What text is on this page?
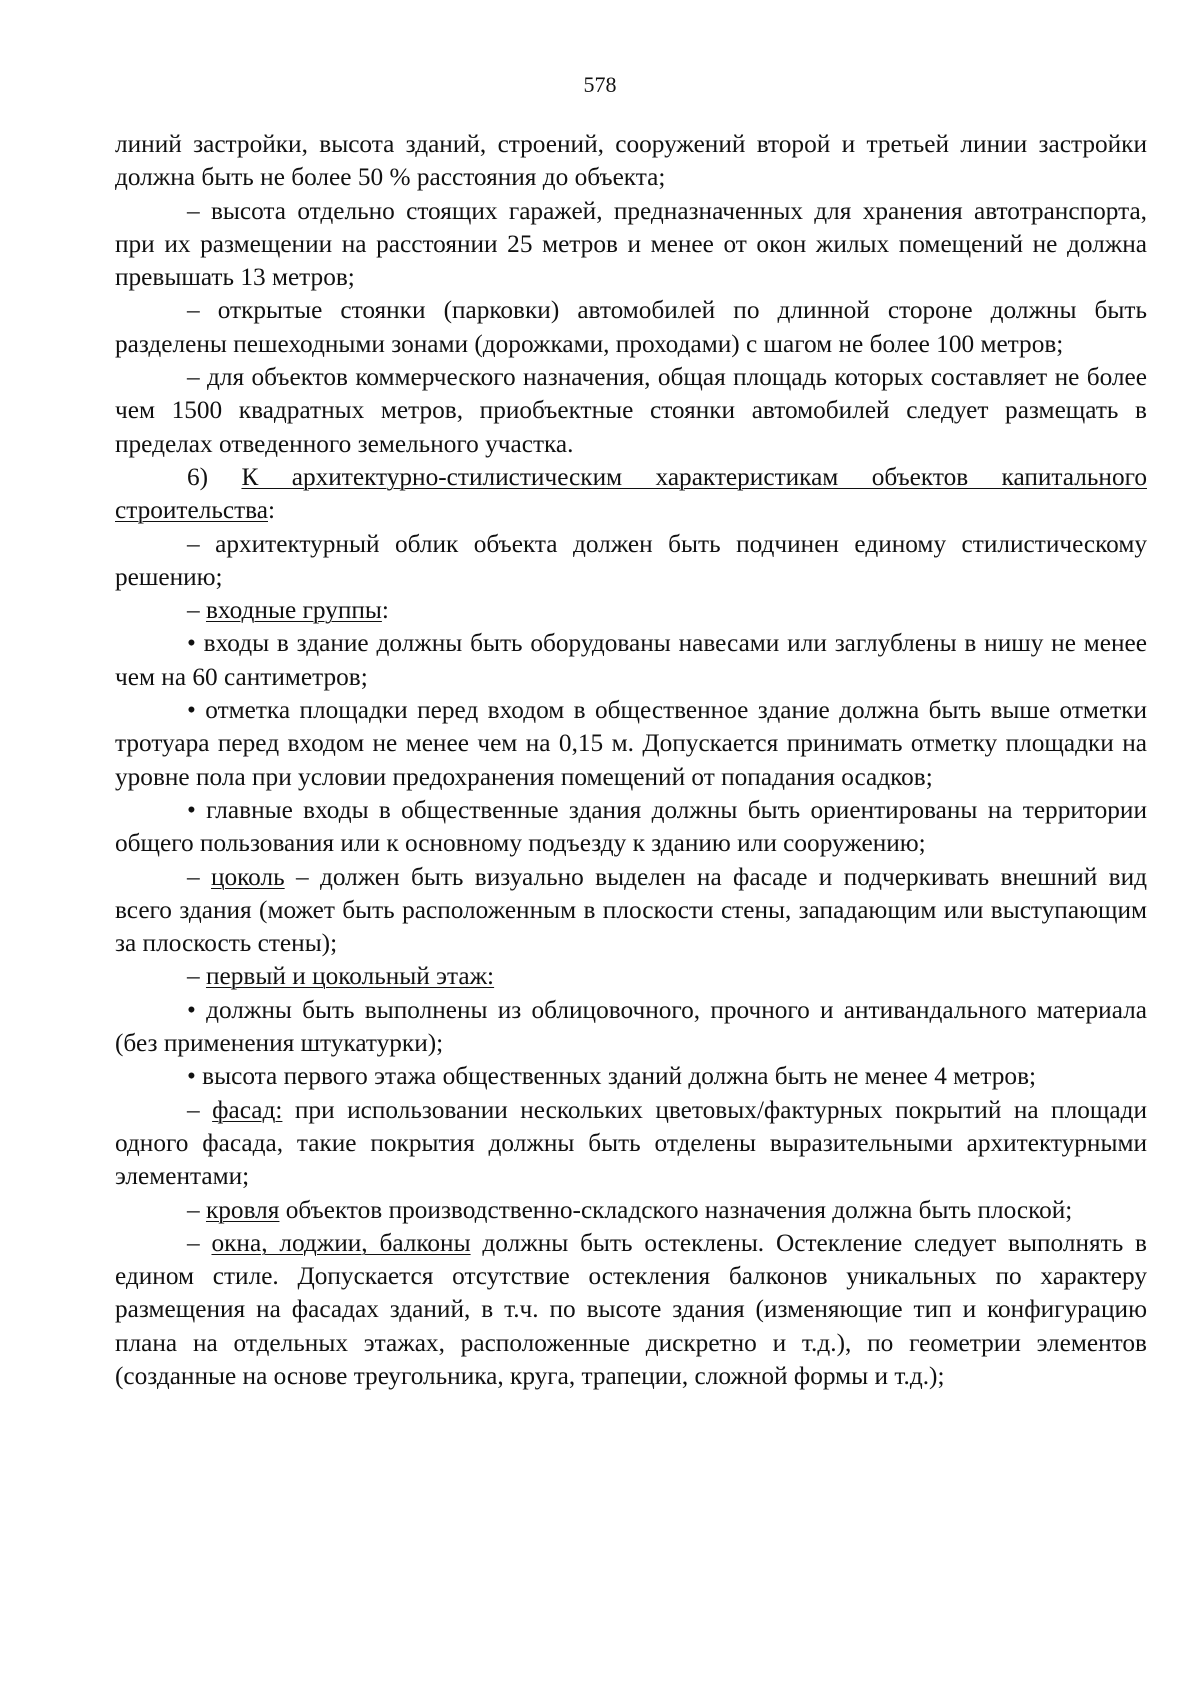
578

линий застройки, высота зданий, строений, сооружений второй и третьей линии застройки должна быть не более 50 % расстояния до объекта;

– высота отдельно стоящих гаражей, предназначенных для хранения автотранспорта, при их размещении на расстоянии 25 метров и менее от окон жилых помещений не должна превышать 13 метров;

– открытые стоянки (парковки) автомобилей по длинной стороне должны быть разделены пешеходными зонами (дорожками, проходами) с шагом не более 100 метров;

– для объектов коммерческого назначения, общая площадь которых составляет не более чем 1500 квадратных метров, приобъектные стоянки автомобилей следует размещать в пределах отведенного земельного участка.

6) К архитектурно-стилистическим характеристикам объектов капитального строительства:

– архитектурный облик объекта должен быть подчинен единому стилистическому решению;

– входные группы:

• входы в здание должны быть оборудованы навесами или заглублены в нишу не менее чем на 60 сантиметров;

• отметка площадки перед входом в общественное здание должна быть выше отметки тротуара перед входом не менее чем на 0,15 м. Допускается принимать отметку площадки на уровне пола при условии предохранения помещений от попадания осадков;

• главные входы в общественные здания должны быть ориентированы на территории общего пользования или к основному подъезду к зданию или сооружению;

– цоколь – должен быть визуально выделен на фасаде и подчеркивать внешний вид всего здания (может быть расположенным в плоскости стены, западающим или выступающим за плоскость стены);

– первый и цокольный этаж:

• должны быть выполнены из облицовочного, прочного и антивандального материала (без применения штукатурки);

• высота первого этажа общественных зданий должна быть не менее 4 метров;

– фасад: при использовании нескольких цветовых/фактурных покрытий на площади одного фасада, такие покрытия должны быть отделены выразительными архитектурными элементами;

– кровля объектов производственно-складского назначения должна быть плоской;

– окна, лоджии, балконы должны быть остеклены. Остекление следует выполнять в едином стиле. Допускается отсутствие остекления балконов уникальных по характеру размещения на фасадах зданий, в т.ч. по высоте здания (изменяющие тип и конфигурацию плана на отдельных этажах, расположенные дискретно и т.д.), по геометрии элементов (созданные на основе треугольника, круга, трапеции, сложной формы и т.д.);
